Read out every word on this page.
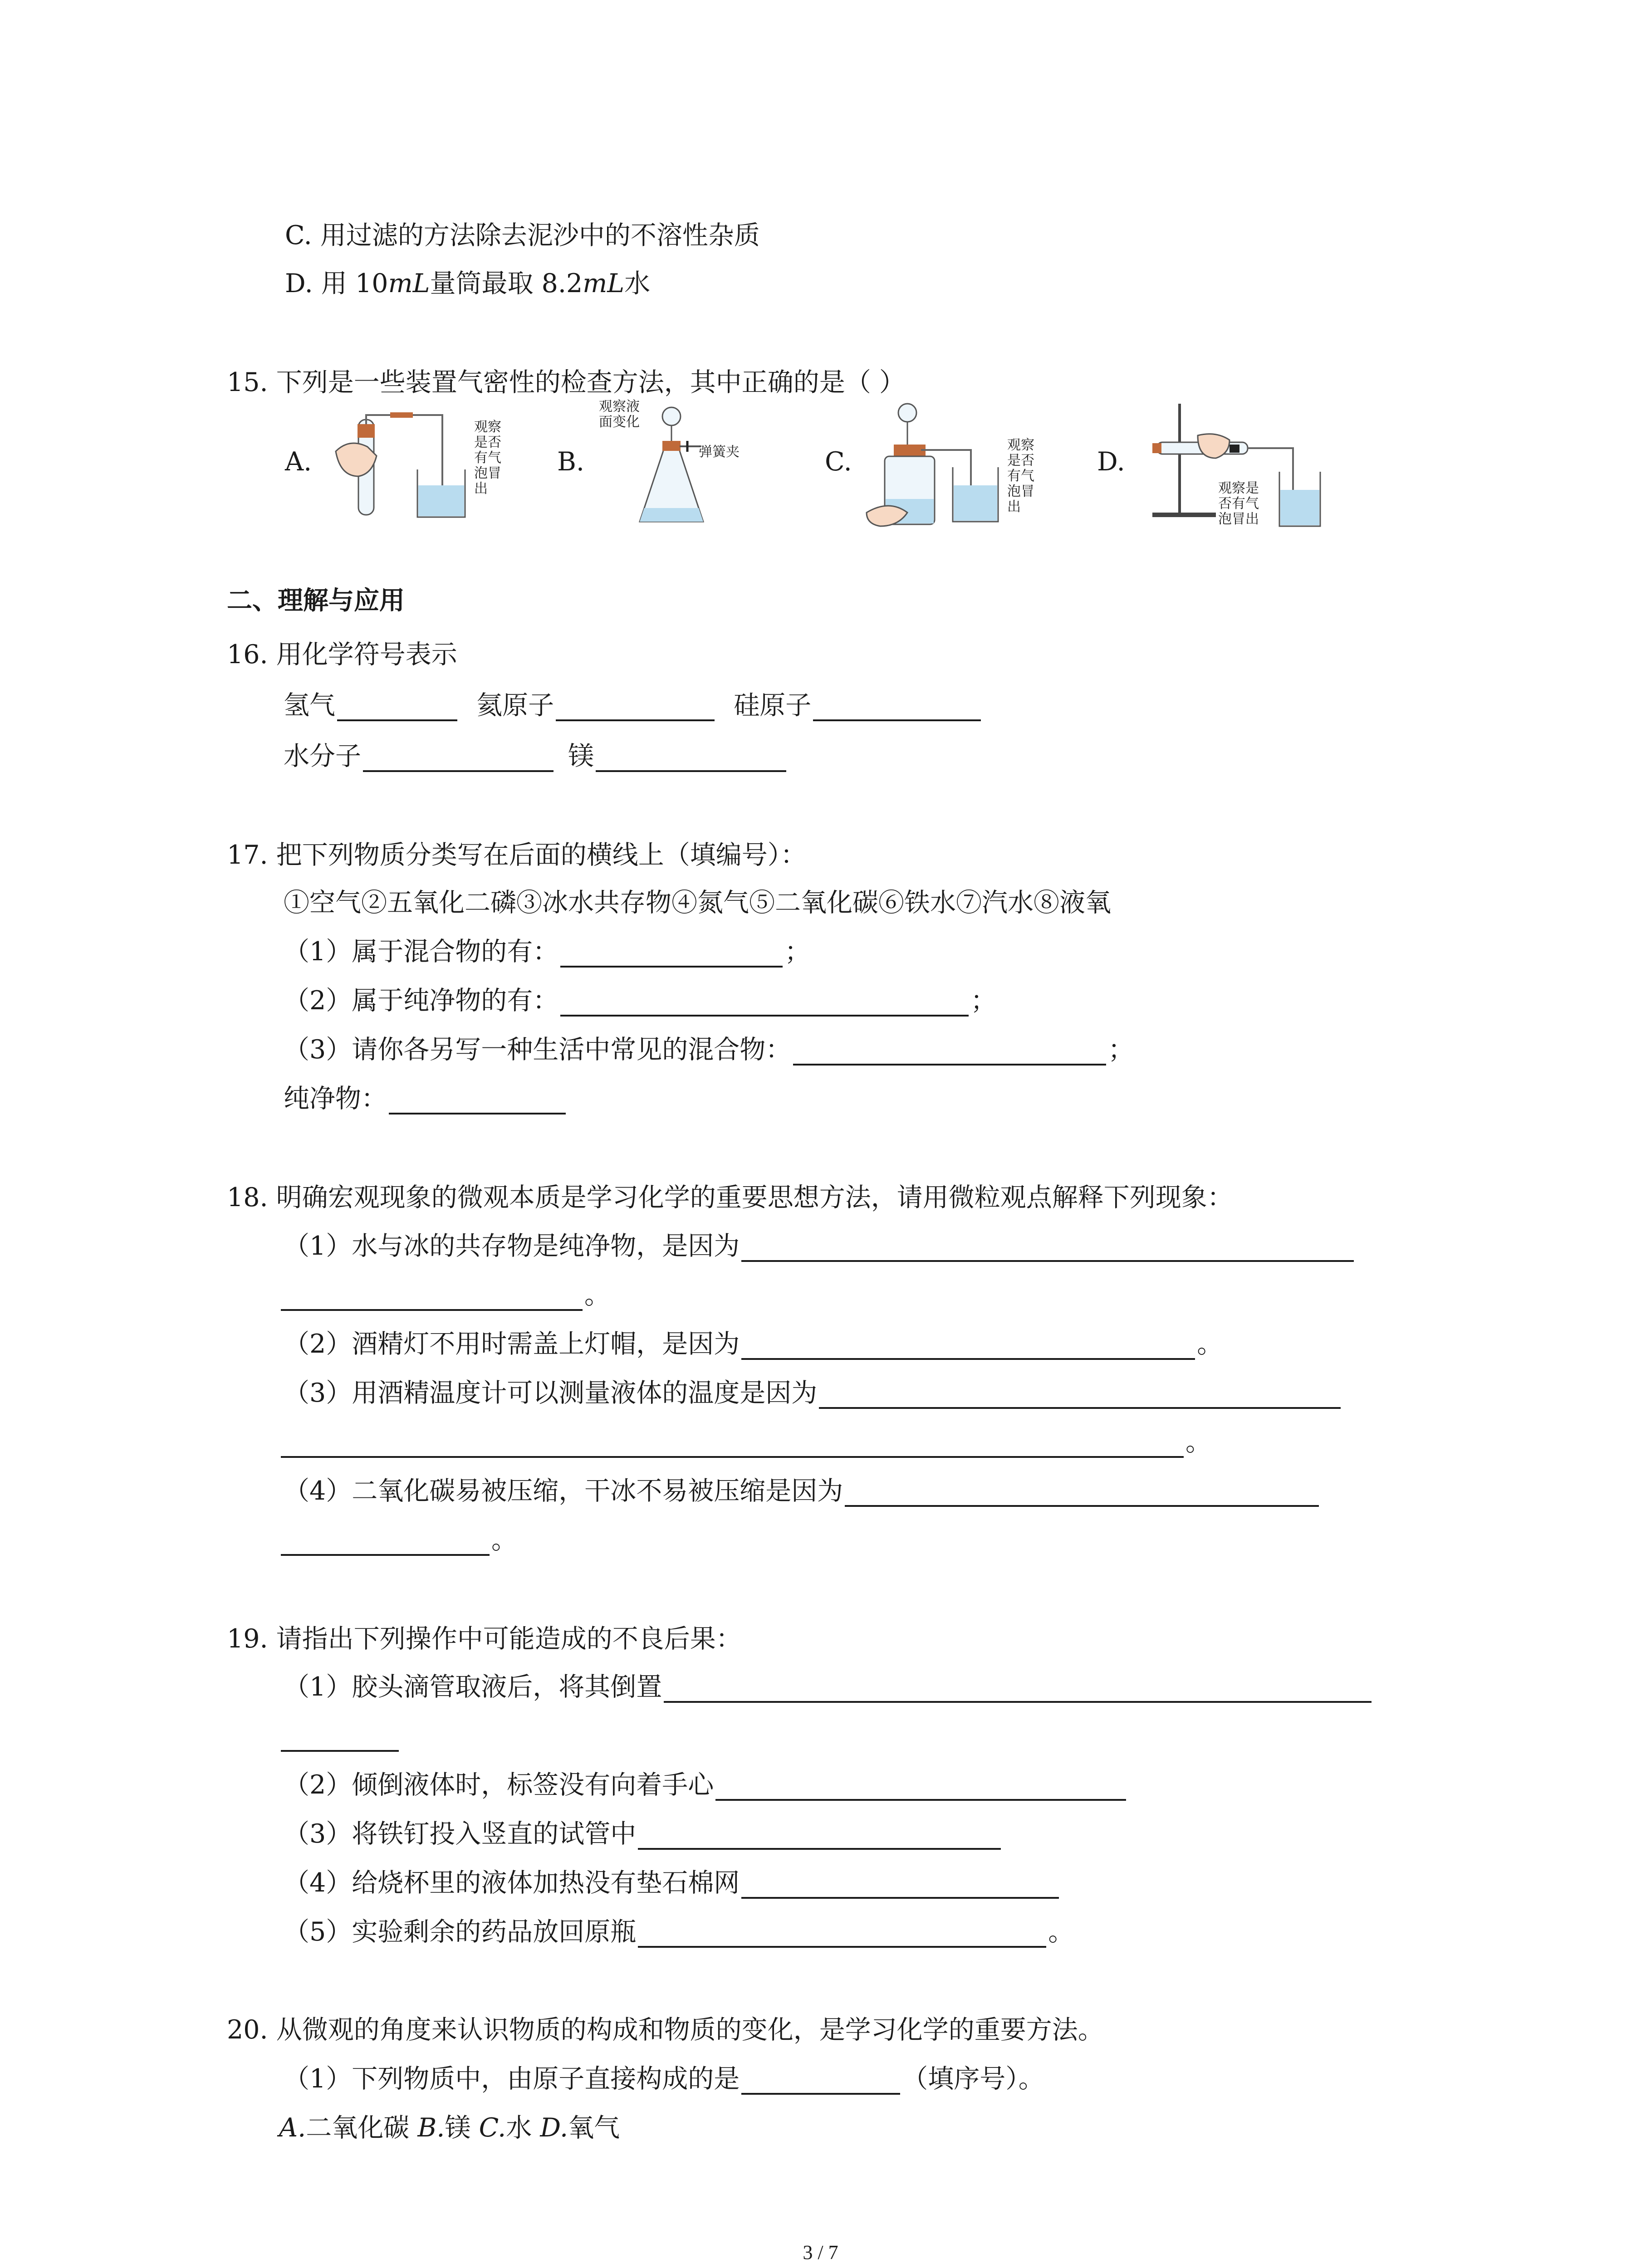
C. 用过滤的方法除去泥沙中的不溶性杂质
D. 用 10mL量筒最取 8.2mL水
15. 下列是一些装置气密性的检查方法，其中正确的是（ ）
A.	B.	C.	D.
观察
是否
有气
泡冒
出
观察液
面变化
弹簧夹	观察
是否
有气
泡冒
出
观察是
否有气
泡冒出
二、理解与应用
16. 用化学符号表示
氢气	氦原子	硅原子
水分子	镁
17. 把下列物质分类写在后面的横线上（填编号）：
①空气②五氧化二磷③冰水共存物④氮气⑤二氧化碳⑥铁水⑦汽水⑧液氧
（1）属于混合物的有：	；
（2）属于纯净物的有：	；
（3）请你各另写一种生活中常见的混合物：	；
纯净物：
18. 明确宏观现象的微观本质是学习化学的重要思想方法，请用微粒观点解释下列现象：
（1）水与冰的共存物是纯净物，是因为
。
（2）酒精灯不用时需盖上灯帽，是因为	。
（3）用酒精温度计可以测量液体的温度是因为
。
（4）二氧化碳易被压缩，干冰不易被压缩是因为
。
19. 请指出下列操作中可能造成的不良后果：
（1）胶头滴管取液后，将其倒置
（2）倾倒液体时，标签没有向着手心
（3）将铁钉投入竖直的试管中
（4）给烧杯里的液体加热没有垫石棉网
（5）实验剩余的药品放回原瓶	。
20. 从微观的角度来认识物质的构成和物质的变化，是学习化学的重要方法。
（1）下列物质中，由原子直接构成的是	（填序号）。
A.二氧化碳 B.镁 C.水 D.氧气
3 / 7
